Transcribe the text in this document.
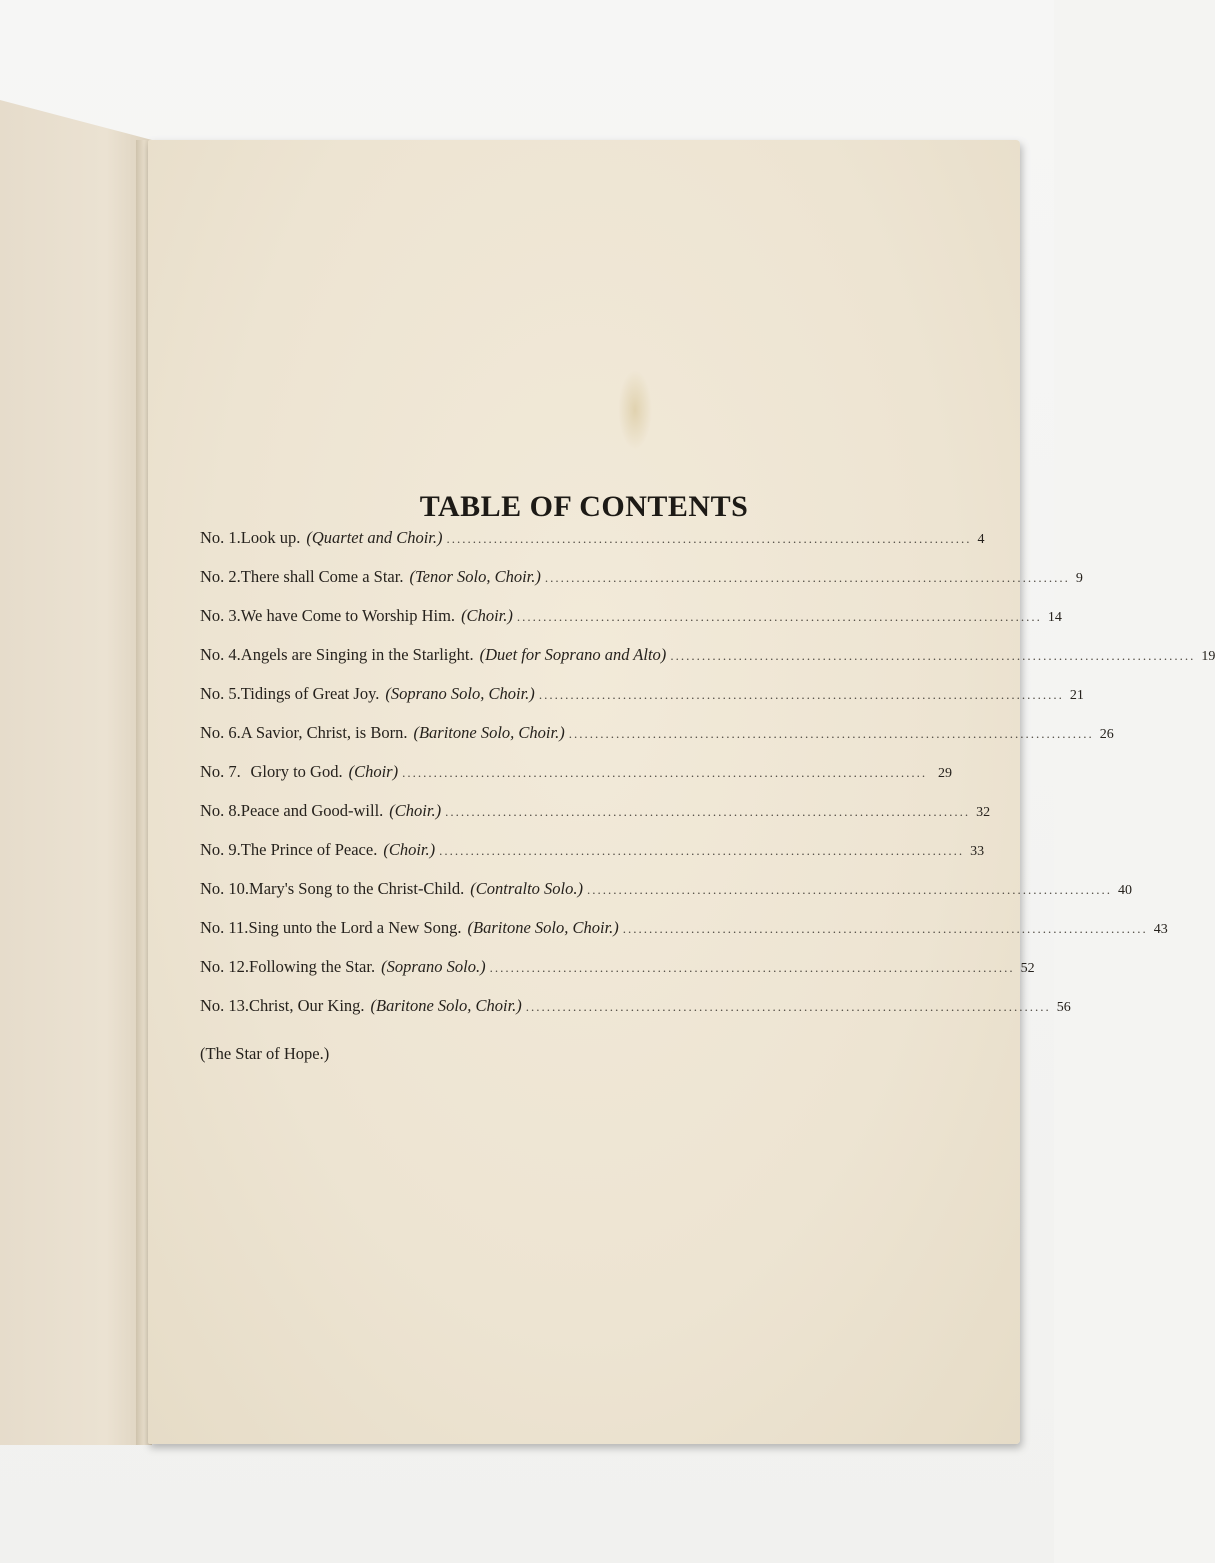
TABLE OF CONTENTS
No. 1. Look up. (Quartet and Choir.) .................................................................................................... 4
No. 2. There shall Come a Star. (Tenor Solo, Choir.) .................................................................................................... 9
No. 3. We have Come to Worship Him. (Choir.) .................................................................................................... 14
No. 4. Angels are Singing in the Starlight. (Duet for Soprano and Alto) .................................................................................................... 19
No. 5. Tidings of Great Joy. (Soprano Solo, Choir.) .................................................................................................... 21
No. 6. A Savior, Christ, is Born. (Baritone Solo, Choir.) .................................................................................................... 26
No. 7. Glory to God. (Choir) .................................................................................................... 29
No. 8. Peace and Good-will. (Choir.) .................................................................................................... 32
No. 9. The Prince of Peace. (Choir.) .................................................................................................... 33
No. 10. Mary's Song to the Christ-Child. (Contralto Solo.) .................................................................................................... 40
No. 11. Sing unto the Lord a New Song. (Baritone Solo, Choir.) .................................................................................................... 43
No. 12. Following the Star. (Soprano Solo.) .................................................................................................... 52
No. 13. Christ, Our King. (Baritone Solo, Choir.) .................................................................................................... 56
(The Star of Hope.)
